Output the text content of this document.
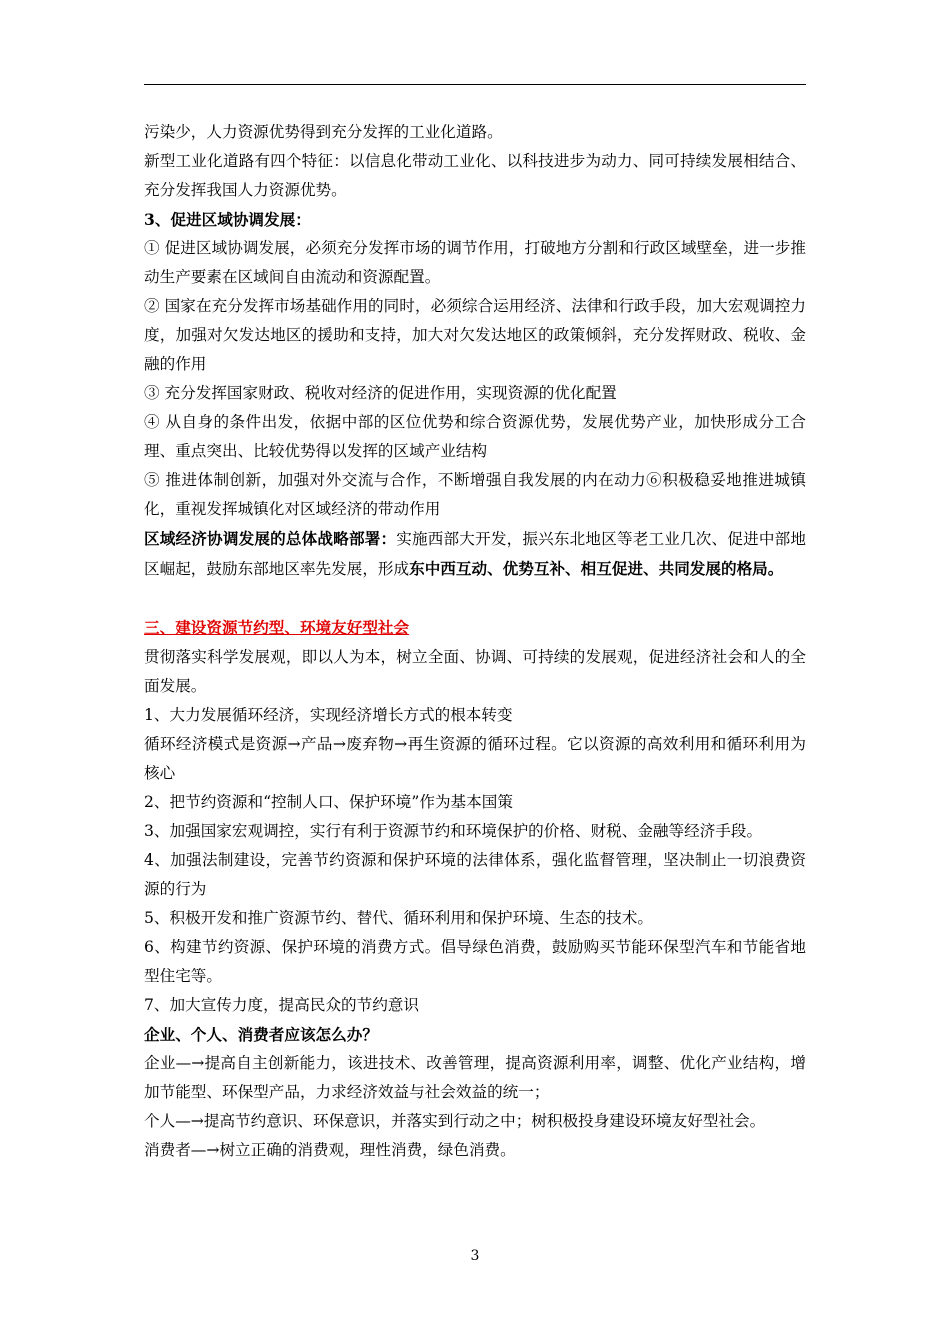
污染少，人力资源优势得到充分发挥的工业化道路。

新型工业化道路有四个特征：以信息化带动工业化、以科技进步为动力、同可持续发展相结合、充分发挥我国人力资源优势。

3、促进区域协调发展：

① 促进区域协调发展，必须充分发挥市场的调节作用，打破地方分割和行政区域壁垒，进一步推动生产要素在区域间自由流动和资源配置。

② 国家在充分发挥市场基础作用的同时，必须综合运用经济、法律和行政手段，加大宏观调控力度，加强对欠发达地区的援助和支持，加大对欠发达地区的政策倾斜，充分发挥财政、税收、金融的作用

③ 充分发挥国家财政、税收对经济的促进作用，实现资源的优化配置

④ 从自身的条件出发，依据中部的区位优势和综合资源优势，发展优势产业，加快形成分工合理、重点突出、比较优势得以发挥的区域产业结构

⑤ 推进体制创新，加强对外交流与合作，不断增强自我发展的内在动力⑥积极稳妥地推进城镇化，重视发挥城镇化对区域经济的带动作用

区域经济协调发展的总体战略部署：实施西部大开发，振兴东北地区等老工业几次、促进中部地区崛起，鼓励东部地区率先发展，形成东中西互动、优势互补、相互促进、共同发展的格局。

三、建设资源节约型、环境友好型社会

贯彻落实科学发展观，即以人为本，树立全面、协调、可持续的发展观，促进经济社会和人的全面发展。

1、大力发展循环经济，实现经济增长方式的根本转变

循环经济模式是资源→产品→废弃物→再生资源的循环过程。它以资源的高效利用和循环利用为核心

2、把节约资源和“控制人口、保护环境”作为基本国策

3、加强国家宏观调控，实行有利于资源节约和环境保护的价格、财税、金融等经济手段。

4、加强法制建设，完善节约资源和保护环境的法律体系，强化监督管理，坚决制止一切浪费资源的行为

5、积极开发和推广资源节约、替代、循环利用和保护环境、生态的技术。

6、构建节约资源、保护环境的消费方式。倡导绿色消费，鼓励购买节能环保型汽车和节能省地型住宅等。

7、加大宣传力度，提高民众的节约意识

企业、个人、消费者应该怎么办？

企业—→提高自主创新能力，该进技术、改善管理，提高资源利用率，调整、优化产业结构，增加节能型、环保型产品，力求经济效益与社会效益的统一；

个人—→提高节约意识、环保意识，并落实到行动之中；树积极投身建设环境友好型社会。

消费者—→树立正确的消费观，理性消费，绿色消费。

3
